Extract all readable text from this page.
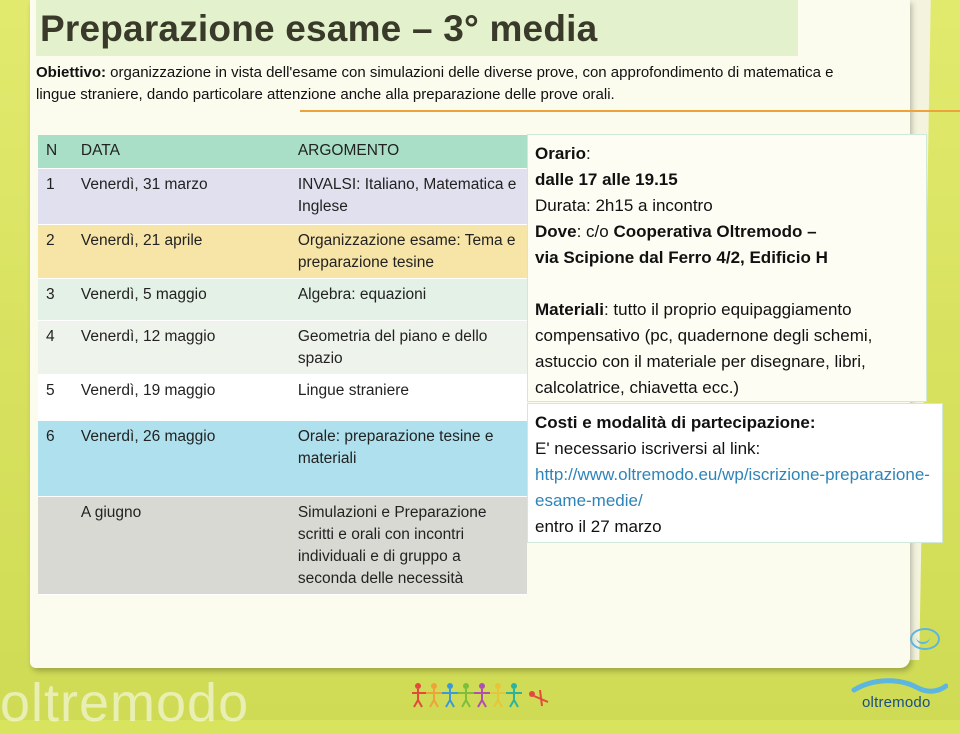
oltremodo
Preparazione esame – 3° media
Obiettivo: organizzazione in vista dell'esame con simulazioni delle diverse prove, con approfondimento di matematica e lingue straniere, dando particolare attenzione anche alla preparazione delle prove orali.
N	DATA	ARGOMENTO
1	Venerdì, 31 marzo	INVALSI: Italiano, Matematica e Inglese
2	Venerdì, 21 aprile	Organizzazione esame: Tema e preparazione tesine
3	Venerdì, 5 maggio	Algebra: equazioni
4	Venerdì, 12 maggio	Geometria del piano e dello spazio
5	Venerdì, 19 maggio	Lingue straniere
6	Venerdì, 26 maggio	Orale: preparazione tesine e materiali
	A giugno	Simulazioni e Preparazione scritti e orali con incontri individuali e di gruppo a seconda delle necessità
Orario:
dalle 17 alle 19.15
Durata: 2h15 a incontro
Dove: c/o Cooperativa Oltremodo –
via Scipione dal Ferro 4/2, Edificio H
Materiali: tutto il proprio equipaggiamento compensativo (pc, quadernone degli schemi, astuccio con il materiale per disegnare, libri, calcolatrice, chiavetta ecc.)
Costi e modalità di partecipazione:
E' necessario iscriversi al link:
http://www.oltremodo.eu/wp/iscrizione-preparazione-esame-medie/
entro il 27 marzo
oltremodo
